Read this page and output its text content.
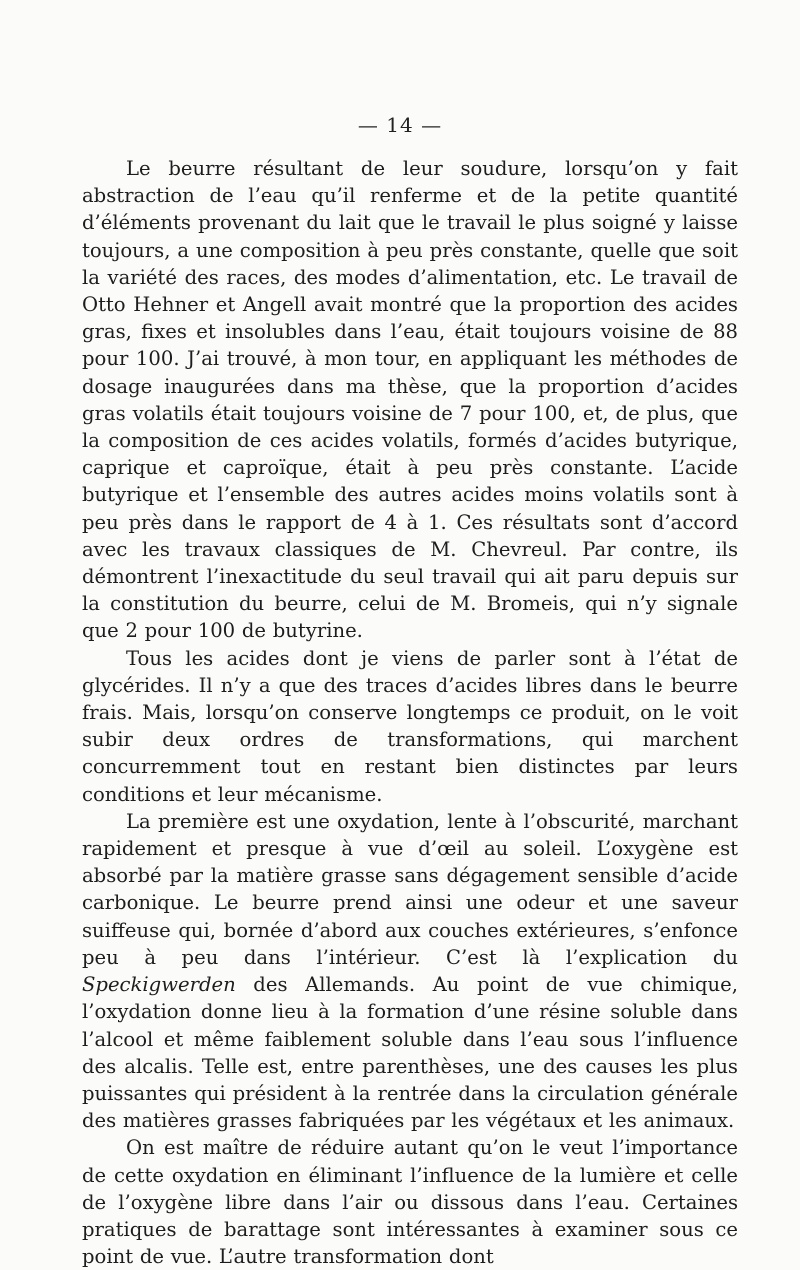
— 14 —

Le beurre résultant de leur soudure, lorsqu’on y fait abstraction de l’eau qu’il renferme et de la petite quantité d’éléments provenant du lait que le travail le plus soigné y laisse toujours, a une composition à peu près constante, quelle que soit la variété des races, des modes d’alimentation, etc. Le travail de Otto Hehner et Angell avait montré que la proportion des acides gras, fixes et insolubles dans l’eau, était toujours voisine de 88 pour 100. J’ai trouvé, à mon tour, en appliquant les méthodes de dosage inaugurées dans ma thèse, que la proportion d’acides gras volatils était toujours voisine de 7 pour 100, et, de plus, que la composition de ces acides volatils, formés d’acides butyrique, caprique et caproïque, était à peu près constante. L’acide butyrique et l’ensemble des autres acides moins volatils sont à peu près dans le rapport de 4 à 1. Ces résultats sont d’accord avec les travaux classiques de M. Chevreul. Par contre, ils démontrent l’inexactitude du seul travail qui ait paru depuis sur la constitution du beurre, celui de M. Bromeis, qui n’y signale que 2 pour 100 de butyrine.

Tous les acides dont je viens de parler sont à l’état de glycérides. Il n’y a que des traces d’acides libres dans le beurre frais. Mais, lorsqu’on conserve longtemps ce produit, on le voit subir deux ordres de transformations, qui marchent concurremment tout en restant bien distinctes par leurs conditions et leur mécanisme.

La première est une oxydation, lente à l’obscurité, marchant rapidement et presque à vue d’œil au soleil. L’oxygène est absorbé par la matière grasse sans dégagement sensible d’acide carbonique. Le beurre prend ainsi une odeur et une saveur suiffeuse qui, bornée d’abord aux couches extérieures, s’enfonce peu à peu dans l’intérieur. C’est là l’explication du Speckigwerden des Allemands. Au point de vue chimique, l’oxydation donne lieu à la formation d’une résine soluble dans l’alcool et même faiblement soluble dans l’eau sous l’influence des alcalis. Telle est, entre parenthèses, une des causes les plus puissantes qui président à la rentrée dans la circulation générale des matières grasses fabriquées par les végétaux et les animaux.

On est maître de réduire autant qu’on le veut l’importance de cette oxydation en éliminant l’influence de la lumière et celle de l’oxygène libre dans l’air ou dissous dans l’eau. Certaines pratiques de barattage sont intéressantes à examiner sous ce point de vue. L’autre transformation dont
